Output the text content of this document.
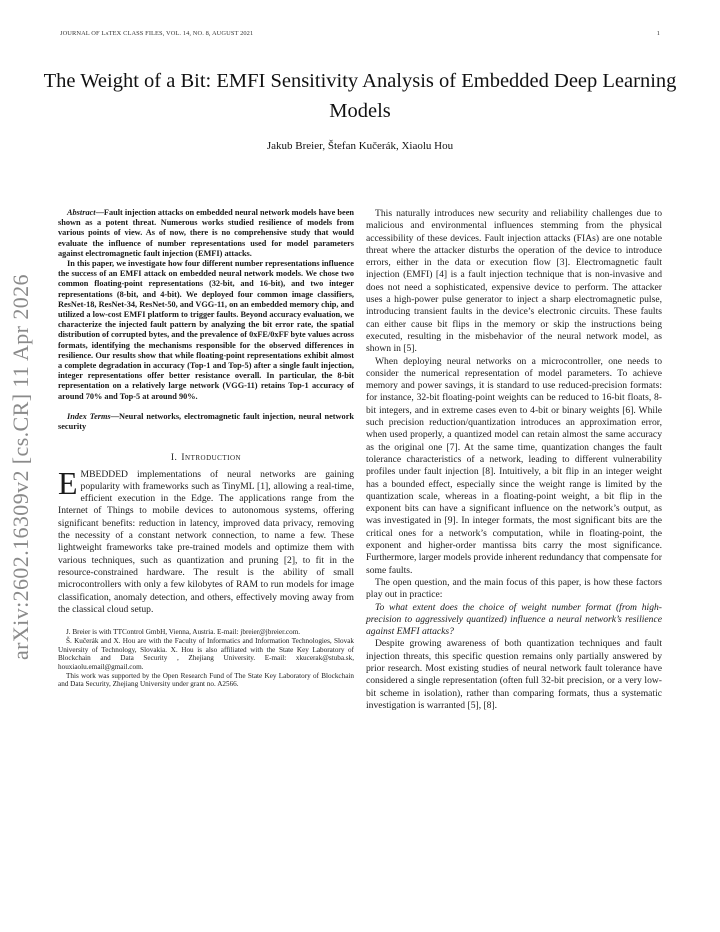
JOURNAL OF LᴀTEX CLASS FILES, VOL. 14, NO. 8, AUGUST 2021	1
arXiv:2602.16309v2 [cs.CR] 11 Apr 2026
The Weight of a Bit: EMFI Sensitivity Analysis of Embedded Deep Learning Models
Jakub Breier, Štefan Kučerák, Xiaolu Hou

Abstract—Fault injection attacks on embedded neural network models have been shown as a potent threat. Numerous works studied resilience of models from various points of view. As of now, there is no comprehensive study that would evaluate the influence of number representations used for model parameters against electromagnetic fault injection (EMFI) attacks.

In this paper, we investigate how four different number representations influence the success of an EMFI attack on embedded neural network models. We chose two common floating-point representations (32-bit, and 16-bit), and two integer representations (8-bit, and 4-bit). We deployed four common image classifiers, ResNet-18, ResNet-34, ResNet-50, and VGG-11, on an embedded memory chip, and utilized a low-cost EMFI platform to trigger faults. Beyond accuracy evaluation, we characterize the injected fault pattern by analyzing the bit error rate, the spatial distribution of corrupted bytes, and the prevalence of 0xFE/0xFF byte values across formats, identifying the mechanisms responsible for the observed differences in resilience. Our results show that while floating-point representations exhibit almost a complete degradation in accuracy (Top-1 and Top-5) after a single fault injection, integer representations offer better resistance overall. In particular, the 8-bit representation on a relatively large network (VGG-11) retains Top-1 accuracy of around 70% and Top-5 at around 90%.

Index Terms—Neural networks, electromagnetic fault injection, neural network security
I. Introduction

EMBEDDED implementations of neural networks are gaining popularity with frameworks such as TinyML [1], allowing a real-time, efficient execution in the Edge. The applications range from the Internet of Things to mobile devices to autonomous systems, offering significant benefits: reduction in latency, improved data privacy, removing the necessity of a constant network connection, to name a few. These lightweight frameworks take pre-trained models and optimize them with various techniques, such as quantization and pruning [2], to fit in the resource-constrained hardware. The result is the ability of small microcontrollers with only a few kilobytes of RAM to run models for image classification, anomaly detection, and others, effectively moving away from the classical cloud setup.

J. Breier is with TTControl GmbH, Vienna, Austria. E-mail: jbreier@jbreier.com.

Š. Kučerák and X. Hou are with the Faculty of Informatics and Information Technologies, Slovak University of Technology, Slovakia. X. Hou is also affiliated with the State Key Laboratory of Blockchain and Data Security , Zhejiang University. E-mail: xkucerak@stuba.sk, houxiaolu.email@gmail.com.

This work was supported by the Open Research Fund of The State Key Laboratory of Blockchain and Data Security, Zhejiang University under grant no. A2566.

This naturally introduces new security and reliability challenges due to malicious and environmental influences stemming from the physical accessibility of these devices. Fault injection attacks (FIAs) are one notable threat where the attacker disturbs the operation of the device to introduce errors, either in the data or execution flow [3]. Electromagnetic fault injection (EMFI) [4] is a fault injection technique that is non-invasive and does not need a sophisticated, expensive device to perform. The attacker uses a high-power pulse generator to inject a sharp electromagnetic pulse, introducing transient faults in the device’s electronic circuits. These faults can either cause bit flips in the memory or skip the instructions being executed, resulting in the misbehavior of the neural network model, as shown in [5].

When deploying neural networks on a microcontroller, one needs to consider the numerical representation of model parameters. To achieve memory and power savings, it is standard to use reduced-precision formats: for instance, 32-bit floating-point weights can be reduced to 16-bit floats, 8-bit integers, and in extreme cases even to 4-bit or binary weights [6]. While such precision reduction/quantization introduces an approximation error, when used properly, a quantized model can retain almost the same accuracy as the original one [7]. At the same time, quantization changes the fault tolerance characteristics of a network, leading to different vulnerability profiles under fault injection [8]. Intuitively, a bit flip in an integer weight has a bounded effect, especially since the weight range is limited by the quantization scale, whereas in a floating-point weight, a bit flip in the exponent bits can have a significant influence on the network’s output, as was investigated in [9]. In integer formats, the most significant bits are the critical ones for a network’s computation, while in floating-point, the exponent and higher-order mantissa bits carry the most significance. Furthermore, larger models provide inherent redundancy that compensate for some faults.

The open question, and the main focus of this paper, is how these factors play out in practice:

To what extent does the choice of weight number format (from high-precision to aggressively quantized) influence a neural network’s resilience against EMFI attacks?

Despite growing awareness of both quantization techniques and fault injection threats, this specific question remains only partially answered by prior research. Most existing studies of neural network fault tolerance have considered a single representation (often full 32-bit precision, or a very low-bit scheme in isolation), rather than comparing formats, thus a systematic investigation is warranted [5], [8].
